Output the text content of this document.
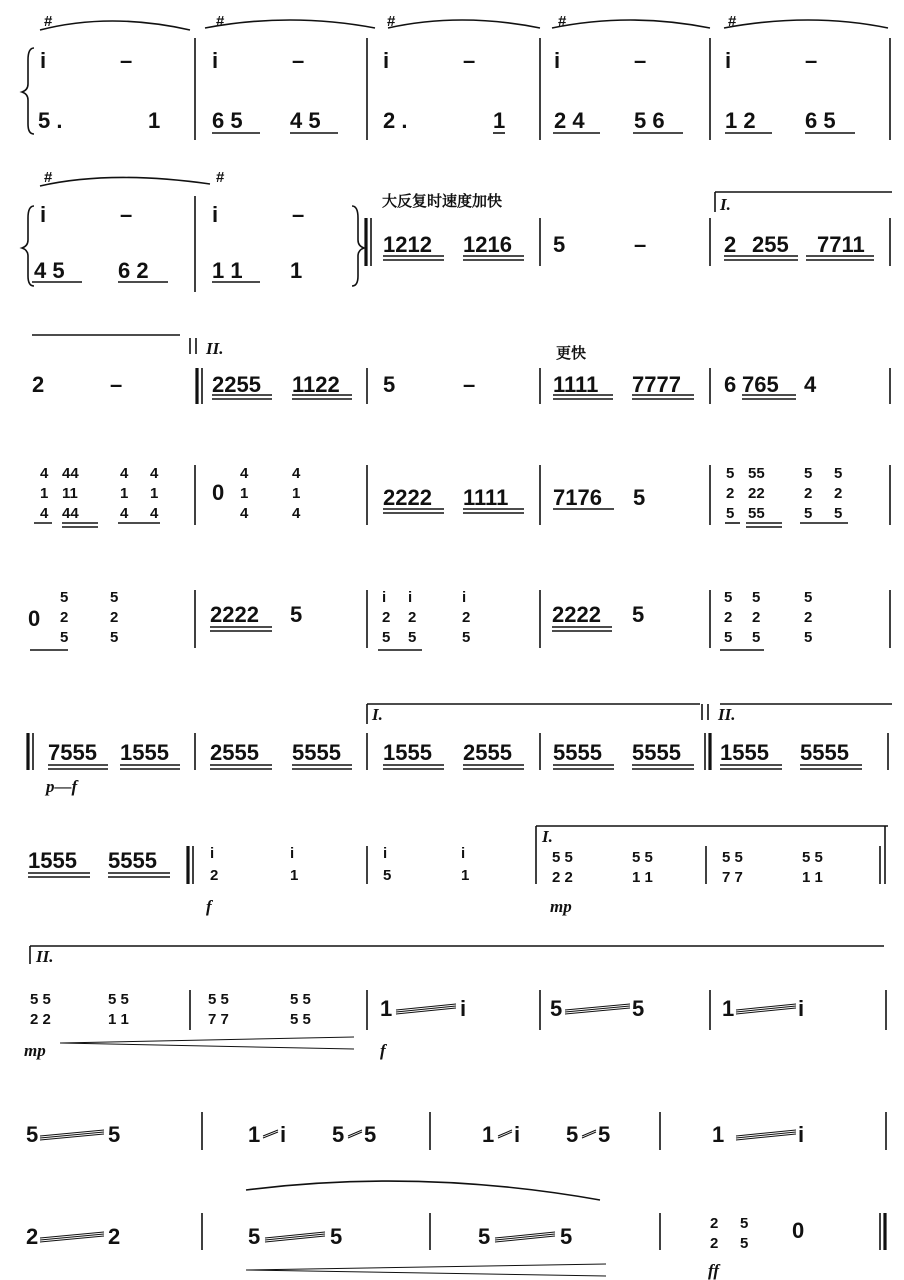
#	#	#	#	#
i	–	i	–	i	–	i	–	i	–
5 .	1 6 5 4 5	2 .	1 2 4 5 6	1 2 6 5
#	#
i	–	i	–
4 5 6 2	1 1 1
大反复时速度加快
1212 1216 5	–
I.
2 255 7711
2	–
II.
2255 1122 5	–
更快
1111 7777 6 765 4
4 44	4 4
1 11	1 1
4 44	4 4
0
4
1
4
4
1
4
2222 1111 7176 5
5 55	5 5
2 22	2 2
5 55	5 5
0
5
2
5
5
2
5
2222 5
i i	i
2 2	2
5 5	5
2222 5
5 5	5
2 2	2
5 5	5
7555 1555
p—f
2555 5555
I.
1555 2555 5555 5555
II.
1555 5555
1555 5555	i	i
2	1
f
i	i
5	1
I.
5 5	5 5
2 2	1 1
mp
5 5	5 5
7 7	1 1
II.
5 5	5 5
2 2	1 1
mp
5 5	5 5
7 7	5 5	1	i
f
5	5	1	i
5	5	1 i 5 5	1 i 5 5	1	i
2	2	5	5	5	5
2 5
2 5
0
ff
